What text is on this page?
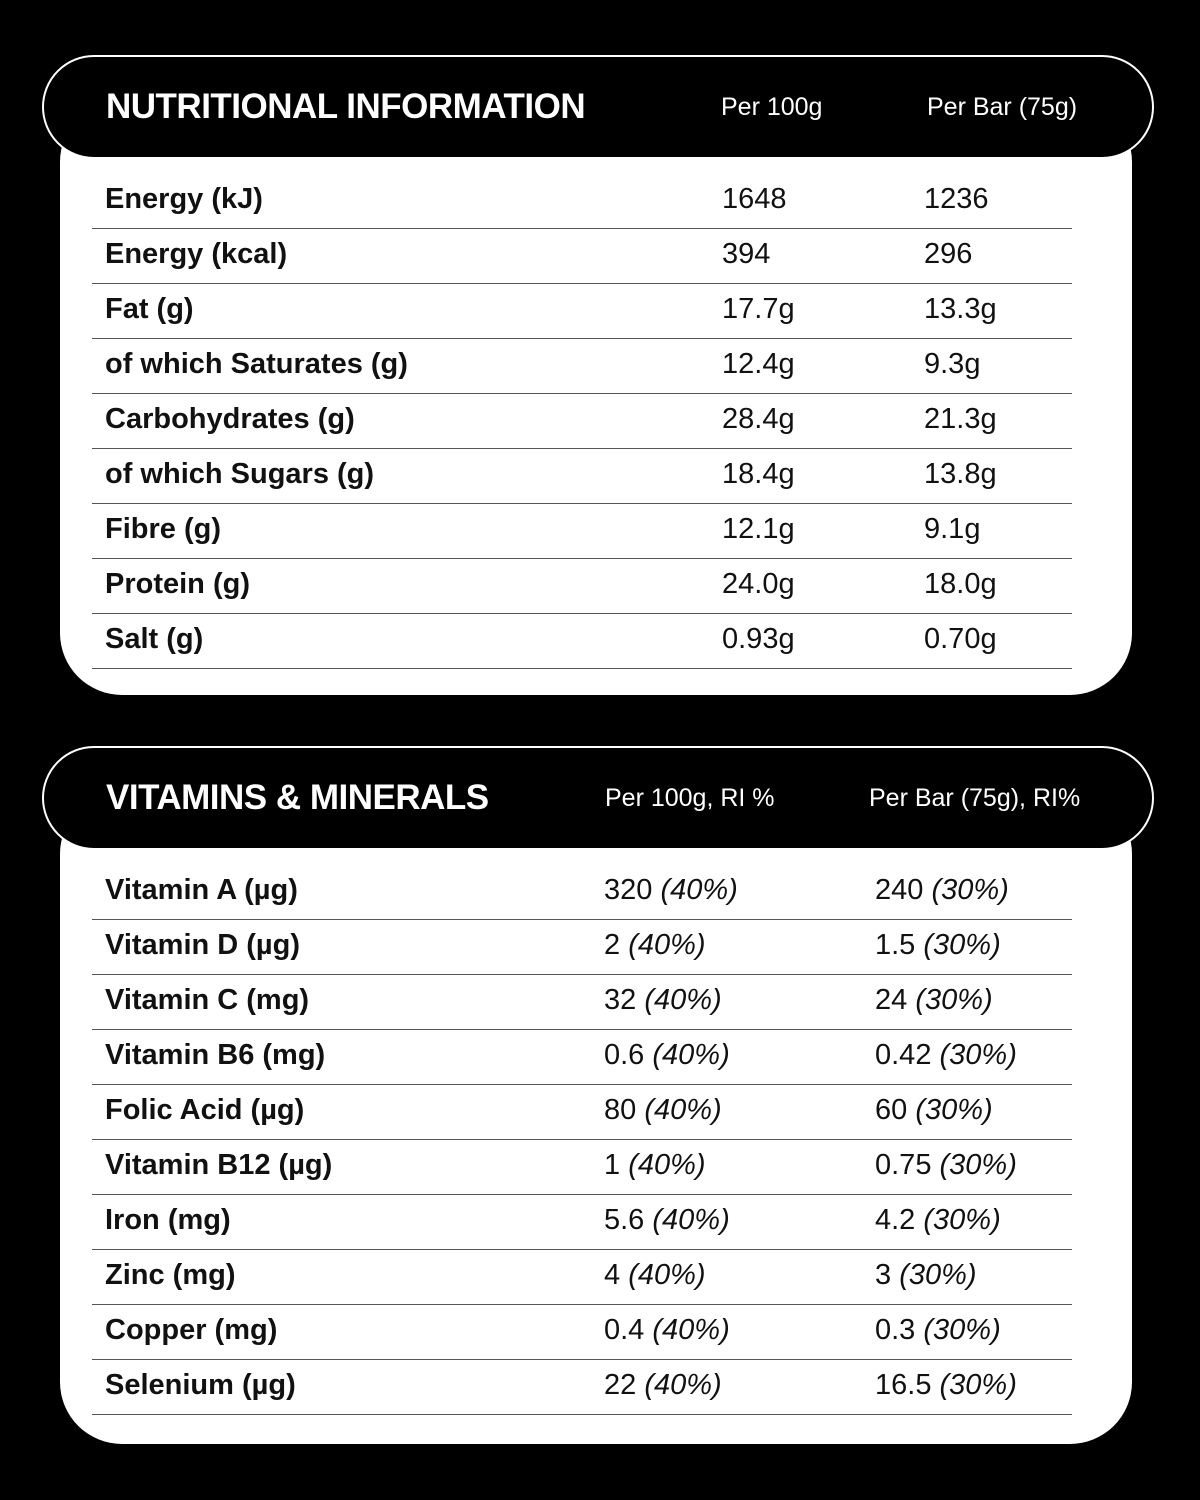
NUTRITIONAL INFORMATION	Per 100g	Per Bar (75g)
Energy (kJ)	1648	1236
Energy (kcal)	394	296
Fat (g)	17.7g	13.3g
of which Saturates (g)	12.4g	9.3g
Carbohydrates (g)	28.4g	21.3g
of which Sugars (g)	18.4g	13.8g
Fibre (g)	12.1g	9.1g
Protein (g)	24.0g	18.0g
Salt (g)	0.93g	0.70g
VITAMINS & MINERALS	Per 100g, RI %	Per Bar (75g), RI%
Vitamin A (µg)	320 (40%)	240 (30%)
Vitamin D (µg)	2 (40%)	1.5 (30%)
Vitamin C (mg)	32 (40%)	24 (30%)
Vitamin B6 (mg)	0.6 (40%)	0.42 (30%)
Folic Acid (µg)	80 (40%)	60 (30%)
Vitamin B12 (µg)	1 (40%)	0.75 (30%)
Iron (mg)	5.6 (40%)	4.2 (30%)
Zinc (mg)	4 (40%)	3 (30%)
Copper (mg)	0.4 (40%)	0.3 (30%)
Selenium (µg)	22 (40%)	16.5 (30%)
